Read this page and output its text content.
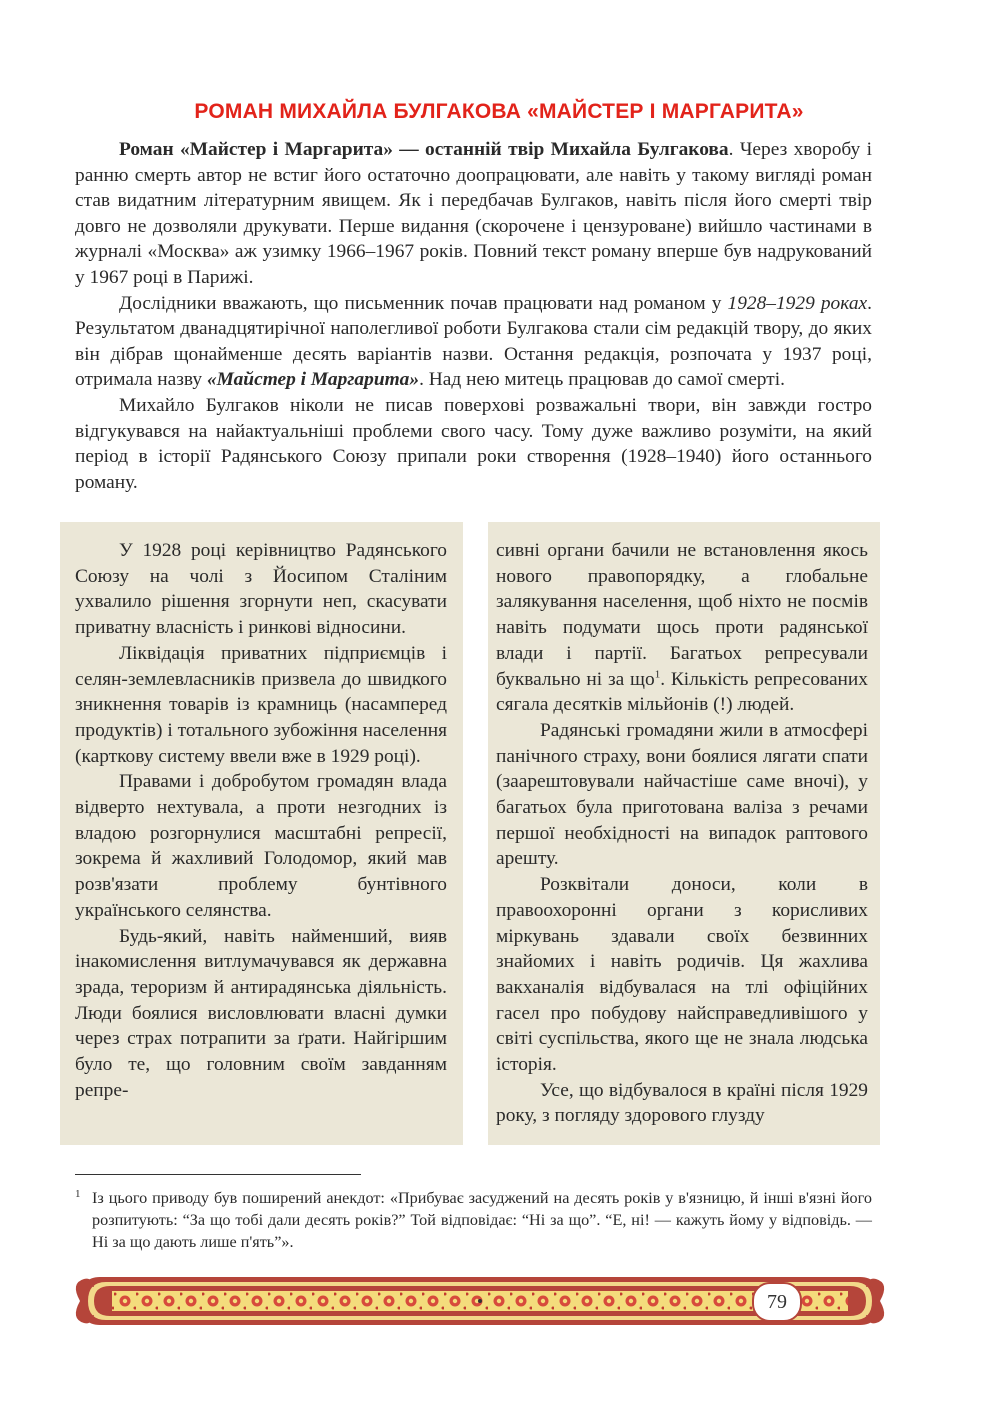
РОМАН МИХАЙЛА БУЛГАКОВА «МАЙСТЕР І МАРГАРИТА»

Роман «Майстер і Маргарита» — останній твір Михайла Булгакова. Через хворобу і ранню смерть автор не встиг його остаточно доопрацювати, але навіть у такому вигляді роман став видатним літературним явищем. Як і передбачав Булгаков, навіть після його смерті твір довго не дозволяли друкувати. Перше видання (скорочене і цензуроване) вийшло частинами в журналі «Москва» аж узимку 1966–1967 років. Повний текст роману вперше був надрукований у 1967 році в Парижі.

Дослідники вважають, що письменник почав працювати над романом у 1928–1929 роках. Результатом дванадцятирічної наполегливої роботи Булгакова стали сім редакцій твору, до яких він дібрав щонайменше десять варіантів назви. Остання редакція, розпочата у 1937 році, отримала назву «Майстер і Маргарита». Над нею митець працював до самої смерті.

Михайло Булгаков ніколи не писав поверхові розважальні твори, він завжди гостро відгукувався на найактуальніші проблеми свого часу. Тому дуже важливо розуміти, на який період в історії Радянського Союзу припали роки створення (1928–1940) його останнього роману.

У 1928 році керівництво Радянського Союзу на чолі з Йосипом Сталіним ухвалило рішення згорнути неп, скасувати приватну власність і ринкові відносини.

Ліквідація приватних підприємців і селян-землевласників призвела до швидкого зникнення товарів із крамниць (насамперед продуктів) і тотального зубожіння населення (карткову систему ввели вже в 1929 році).

Правами і добробутом громадян влада відверто нехтувала, а проти незгодних із владою розгорнулися масштабні репресії, зокрема й жахливий Голодомор, який мав розв'язати проблему бунтівного українського селянства.

Будь-який, навіть найменший, вияв інакомислення витлумачувався як державна зрада, тероризм й антирадянська діяльність. Люди боялися висловлювати власні думки через страх потрапити за ґрати. Найгіршим було те, що головним своїм завданням репре-

сивні органи бачили не встановлення якось нового правопорядку, а глобальне залякування населення, щоб ніхто не посмів навіть подумати щось проти радянської влади і партії. Багатьох репресували буквально ні за $що^1$. Кількість репресованих сягала десятків мільйонів (!) людей.

Радянські громадяни жили в атмосфері панічного страху, вони боялися лягати спати (заарештовували найчастіше саме вночі), у багатьох була приготована валіза з речами першої необхідності на випадок раптового арешту.

Розквітали доноси, коли в правоохоронні органи з корисливих міркувань здавали своїх безвинних знайомих і навіть родичів. Ця жахлива вакханалія відбувалася на тлі офіційних гасел про побудову найсправедливішого у світі суспільства, якого ще не знала людська історія.

Усе, що відбувалося в країні після 1929 року, з погляду здорового глузду

1 Із цього приводу був поширений анекдот: «Прибуває засуджений на десять років у в'язницю, й інші в'язні його розпитують: “За що тобі дали десять років?” Той відповідає: “Ні за що”. “Е, ні! — кажуть йому у відповідь. — Ні за що дають лише п'ять”».
79
